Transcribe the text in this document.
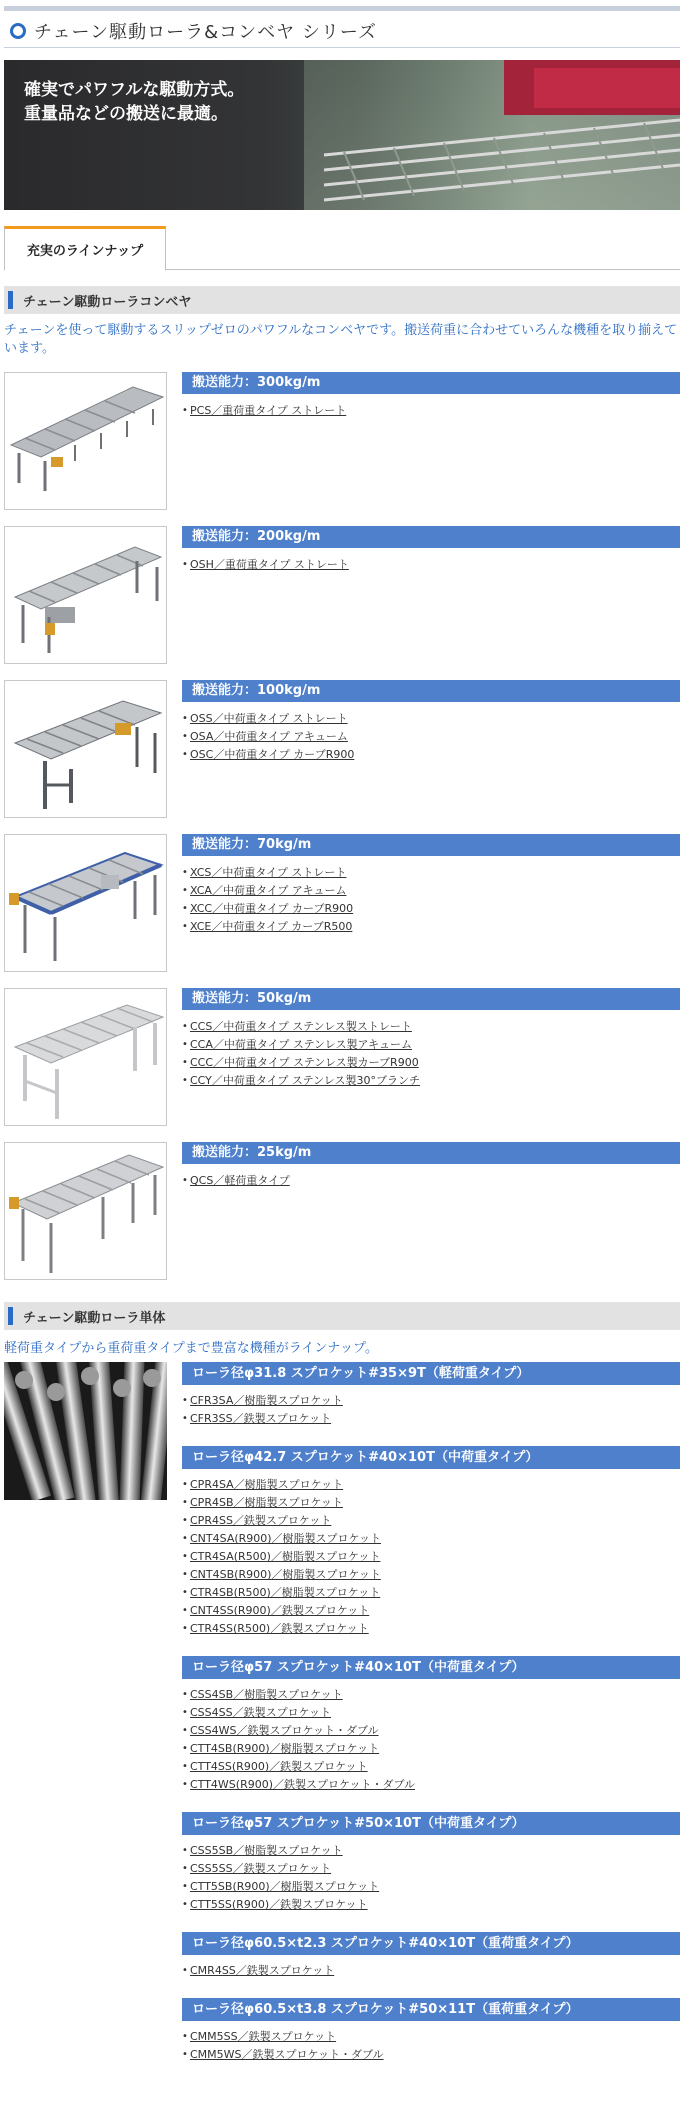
チェーン駆動ローラ&コンベヤ シリーズ
確実でパワフルな駆動方式。
重量品などの搬送に最適。
充実のラインナップ
チェーン駆動ローラコンベヤ
チェーンを使って駆動するスリップゼロのパワフルなコンベヤです。搬送荷重に合わせていろんな機種を取り揃えています。
搬送能力：300kg/m
• PCS／重荷重タイプ ストレート
搬送能力：200kg/m
• OSH／重荷重タイプ ストレート
搬送能力：100kg/m
• OSS／中荷重タイプ ストレート
• OSA／中荷重タイプ アキューム
• OSC／中荷重タイプ カーブR900
搬送能力：70kg/m
• XCS／中荷重タイプ ストレート
• XCA／中荷重タイプ アキューム
• XCC／中荷重タイプ カーブR900
• XCE／中荷重タイプ カーブR500
搬送能力：50kg/m
• CCS／中荷重タイプ ステンレス製ストレート
• CCA／中荷重タイプ ステンレス製アキューム
• CCC／中荷重タイプ ステンレス製カーブR900
• CCY／中荷重タイプ ステンレス製30°ブランチ
搬送能力：25kg/m
• QCS／軽荷重タイプ
チェーン駆動ローラ単体
軽荷重タイプから重荷重タイプまで豊富な機種がラインナップ。
ローラ径φ31.8 スプロケット#35×9T（軽荷重タイプ）
• CFR3SA／樹脂製スプロケット
• CFR3SS／鉄製スプロケット
ローラ径φ42.7 スプロケット#40×10T（中荷重タイプ）
• CPR4SA／樹脂製スプロケット
• CPR4SB／樹脂製スプロケット
• CPR4SS／鉄製スプロケット
• CNT4SA(R900)／樹脂製スプロケット
• CTR4SA(R500)／樹脂製スプロケット
• CNT4SB(R900)／樹脂製スプロケット
• CTR4SB(R500)／樹脂製スプロケット
• CNT4SS(R900)／鉄製スプロケット
• CTR4SS(R500)／鉄製スプロケット
ローラ径φ57 スプロケット#40×10T（中荷重タイプ）
• CSS4SB／樹脂製スプロケット
• CSS4SS／鉄製スプロケット
• CSS4WS／鉄製スプロケット・ダブル
• CTT4SB(R900)／樹脂製スプロケット
• CTT4SS(R900)／鉄製スプロケット
• CTT4WS(R900)／鉄製スプロケット・ダブル
ローラ径φ57 スプロケット#50×10T（中荷重タイプ）
• CSS5SB／樹脂製スプロケット
• CSS5SS／鉄製スプロケット
• CTT5SB(R900)／樹脂製スプロケット
• CTT5SS(R900)／鉄製スプロケット
ローラ径φ60.5×t2.3 スプロケット#40×10T（重荷重タイプ）
• CMR4SS／鉄製スプロケット
ローラ径φ60.5×t3.8 スプロケット#50×11T（重荷重タイプ）
• CMM5SS／鉄製スプロケット
• CMM5WS／鉄製スプロケット・ダブル
